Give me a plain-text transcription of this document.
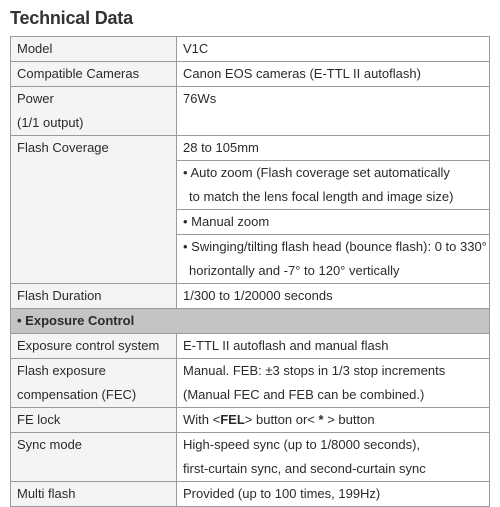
Technical Data
Model	V1C
Compatible Cameras	Canon EOS cameras (E-TTL II autoflash)

Power
(1/1 output)	76Ws
Flash Coverage	28 to 105mm

	• Auto zoom (Flash coverage set automatically
to match the lens focal length and image size)

	• Manual zoom

	• Swinging/tilting flash head (bounce flash): 0 to 330°
horizontally and -7° to 120° vertically

Flash Duration	1/300 to 1/20000 seconds
• Exposure Control	
Exposure control system	E-TTL II autoflash and manual flash

Flash exposure
compensation (FEC)	Manual. FEB: ±3 stops in 1/3 stop increments
(Manual FEC and FEB can be combined.)

FE lock	With <FEL> button or< * > button
Sync mode	High-speed sync (up to 1/8000 seconds),
first-curtain sync, and second-curtain sync

Multi flash	Provided (up to 100 times, 199Hz)
